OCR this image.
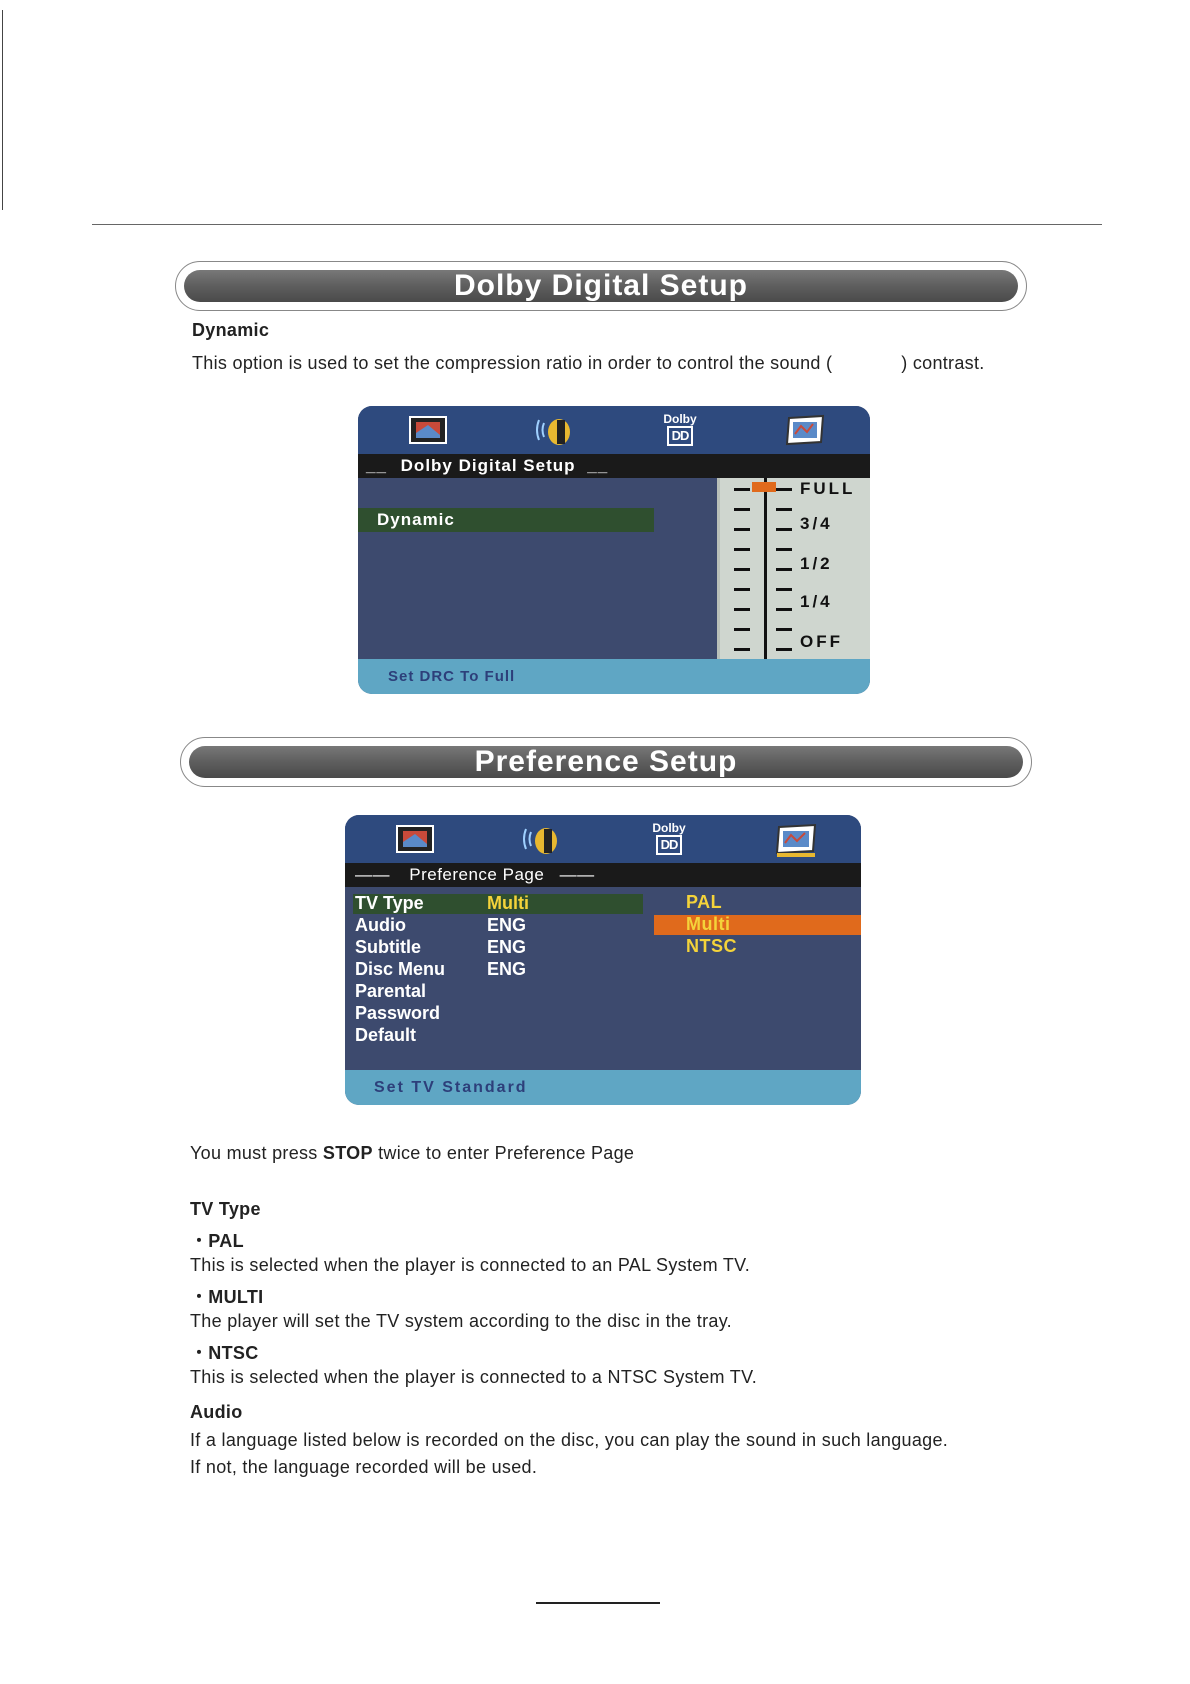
Dolby Digital Setup
Dynamic
This option is used to set the compression ratio in order to control the sound (             ) contrast.
Dolby
DD
__ Dolby Digital Setup __
Dynamic
FULL
3/4
1/2
1/4
OFF
Set DRC To Full
Preference Setup
Dolby
DD
—— Preference Page ——
TV Type	Multi
Audio	ENG
Subtitle	ENG
Disc Menu ENG
Parental
Password
Default
PAL
Multi
NTSC
Set TV Standard
You must press STOP twice to enter Preference Page
TV Type
・PAL
This is selected when the player is connected to an PAL System TV.
・MULTI
The player will set the TV system according to the disc in the tray.
・NTSC
This is selected when the player is connected to a NTSC System TV.
Audio
If a language listed below is recorded on the disc, you can play the sound in such language.
If not, the language recorded will be used.
